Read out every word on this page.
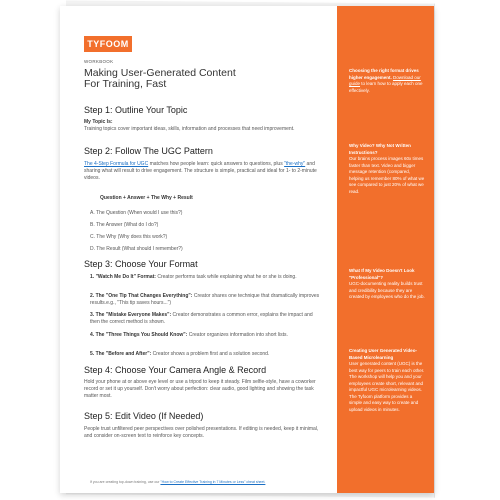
TYFOOM
WORKBOOK
Making User-Generated Content
For Training, Fast
Step 1: Outline Your Topic
My Topic Is:
Training topics cover important ideas, skills, information and processes that need improvement.
Step 2: Follow The UGC Pattern
The 4-Step Formula for UGC matches how people learn: quick answers to questions, plus "the-why" and sharing what will result to drive engagement. The structure is simple, practical and ideal for 1- to 2-minute videos.
Question + Answer + The Why + Result
A. The Question (When would I use this?)
B. The Answer (What do I do?)
C. The Why (Why does this work?)
D. The Result (What should I remember?)
Step 3: Choose Your Format
1. "Watch Me Do It" Format: Creator performs task while explaining what he or she is doing.
2. The "One Tip That Changes Everything": Creator shares one technique that dramatically improves results.e.g., "This tip saves hours...")
3. The "Mistake Everyone Makes": Creator demonstrates a common error, explains the impact and then the correct method is shown.
4. The "Three Things You Should Know": Creator organizes information into short lists.
5. The "Before and After": Creator shows a problem first and a solution second.
Step 4: Choose Your Camera Angle & Record
Hold your phone at or above eye level or use a tripod to keep it steady. Film selfie-style, have a coworker record or set it up yourself. Don't worry about perfection: clear audio, good lighting and showing the task matter most.
Step 5: Edit Video (If Needed)
People trust unfiltered peer perspectives over polished presentations. If editing is needed, keep it minimal, and consider on-screen text to reinforce key concepts.
If you are creating top-down training, use our "How to Create Effective Training in 7 Minutes or Less" cheat sheet.
Choosing the right format drives higher engagement. Download our guide to learn how to apply each one effectively.
Why Video? Why Not Written Instructions?
Our brains process images 60x times faster than text. Video and bigger message retention (compared, helping us remember 80% of what we see compared to just 20% of what we read.
What If My Video Doesn't Look "Professional"?
UGC-documenting reality builds trust and credibility because they are created by employees who do the job.
Creating User Generated Video-Based Microlearning
User generated content (UGC) is the best way for peers to train each other. The workshop will help you and your employees create short, relevant and impactful UGC microlearning videos. The Tyfoom platform provides a simple and easy way to create and upload videos in minutes.
